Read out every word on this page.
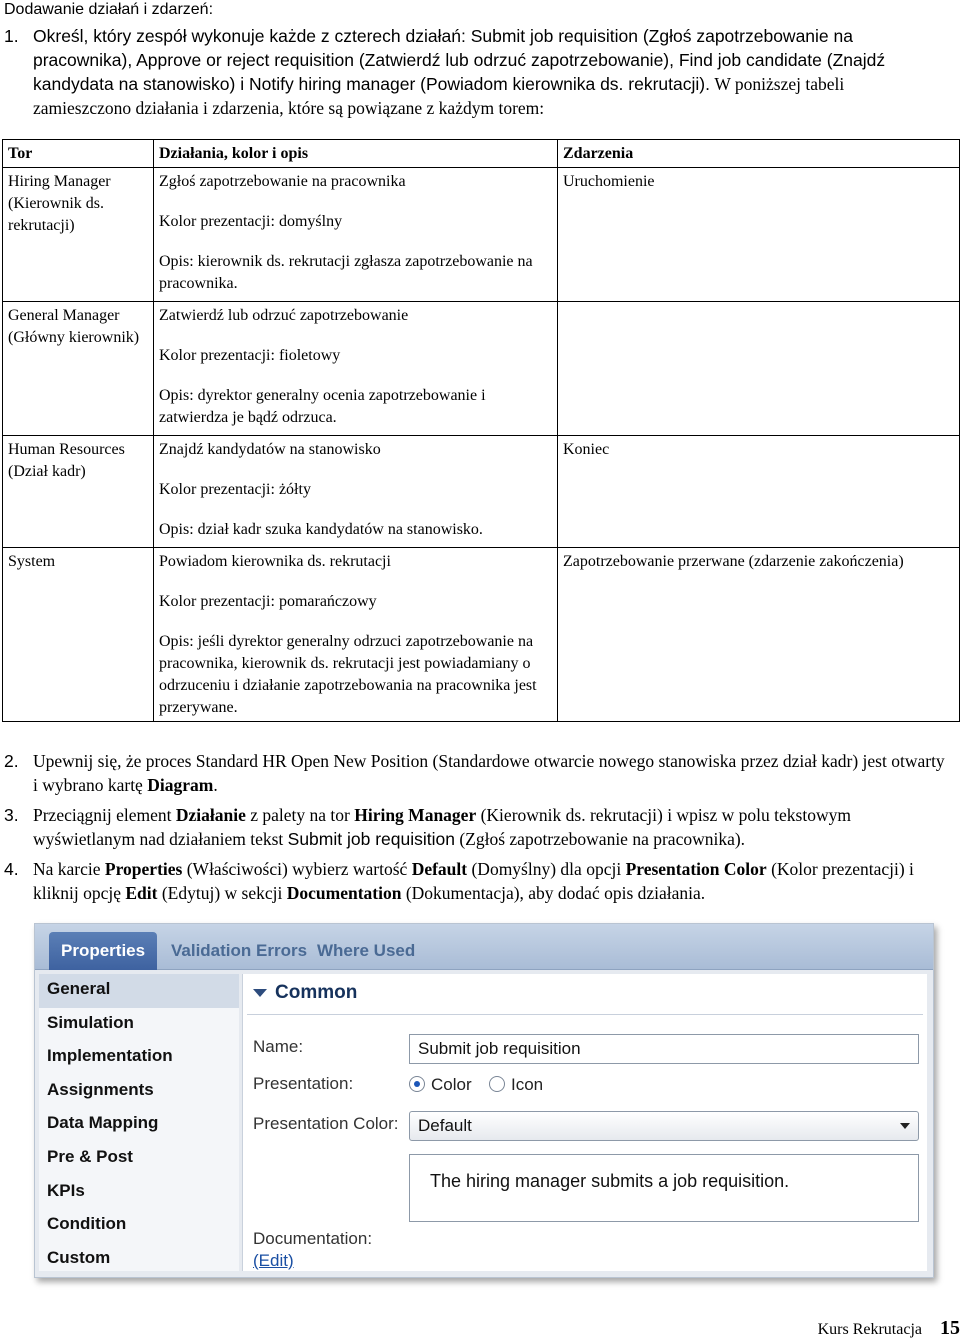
Dodawanie działań i zdarzeń:
1. Określ, który zespół wykonuje każde z czterech działań: Submit job requisition (Zgłoś zapotrzebowanie na pracownika), Approve or reject requisition (Zatwierdź lub odrzuć zapotrzebowanie), Find job candidate (Znajdź kandydata na stanowisko) i Notify hiring manager (Powiadom kierownika ds. rekrutacji). W poniższej tabeli zamieszczono działania i zdarzenia, które są powiązane z każdym torem:
Tor	Działania, kolor i opis	Zdarzenia
Hiring Manager (Kierownik ds. rekrutacji)	Zgłoś zapotrzebowanie na pracownika

Kolor prezentacji: domyślny

Opis: kierownik ds. rekrutacji zgłasza zapotrzebowanie na pracownika.	Uruchomienie
General Manager (Główny kierownik)	Zatwierdź lub odrzuć zapotrzebowanie

Kolor prezentacji: fioletowy

Opis: dyrektor generalny ocenia zapotrzebowanie i zatwierdza je bądź odrzuca.	

Human Resources (Dział kadr)	Znajdź kandydatów na stanowisko

Kolor prezentacji: żółty

Opis: dział kadr szuka kandydatów na stanowisko.	Koniec
System	Powiadom kierownika ds. rekrutacji

Kolor prezentacji: pomarańczowy

Opis: jeśli dyrektor generalny odrzuci zapotrzebowanie na pracownika, kierownik ds. rekrutacji jest powiadamiany o odrzuceniu i działanie zapotrzebowania na pracownika jest przerywane.	Zapotrzebowanie przerwane (zdarzenie zakończenia)
2. Upewnij się, że proces Standard HR Open New Position (Standardowe otwarcie nowego stanowiska przez dział kadr) jest otwarty i wybrano kartę Diagram.
3. Przeciągnij element Działanie z palety na tor Hiring Manager (Kierownik ds. rekrutacji) i wpisz w polu tekstowym wyświetlanym nad działaniem tekst Submit job requisition (Zgłoś zapotrzebowanie na pracownika).
4. Na karcie Properties (Właściwości) wybierz wartość Default (Domyślny) dla opcji Presentation Color (Kolor prezentacji) i kliknij opcję Edit (Edytuj) w sekcji Documentation (Dokumentacja), aby dodać opis działania.
Properties	Validation Errors Where Used
General
Simulation
Implementation
Assignments
Data Mapping
Pre & Post
KPIs
Condition
Custom
Common
Name:	Submit job requisition
Presentation:	Color	Icon
Presentation Color:	Default
The hiring manager submits a job requisition.
Documentation:
(Edit)
Kurs Rekrutacja 15
